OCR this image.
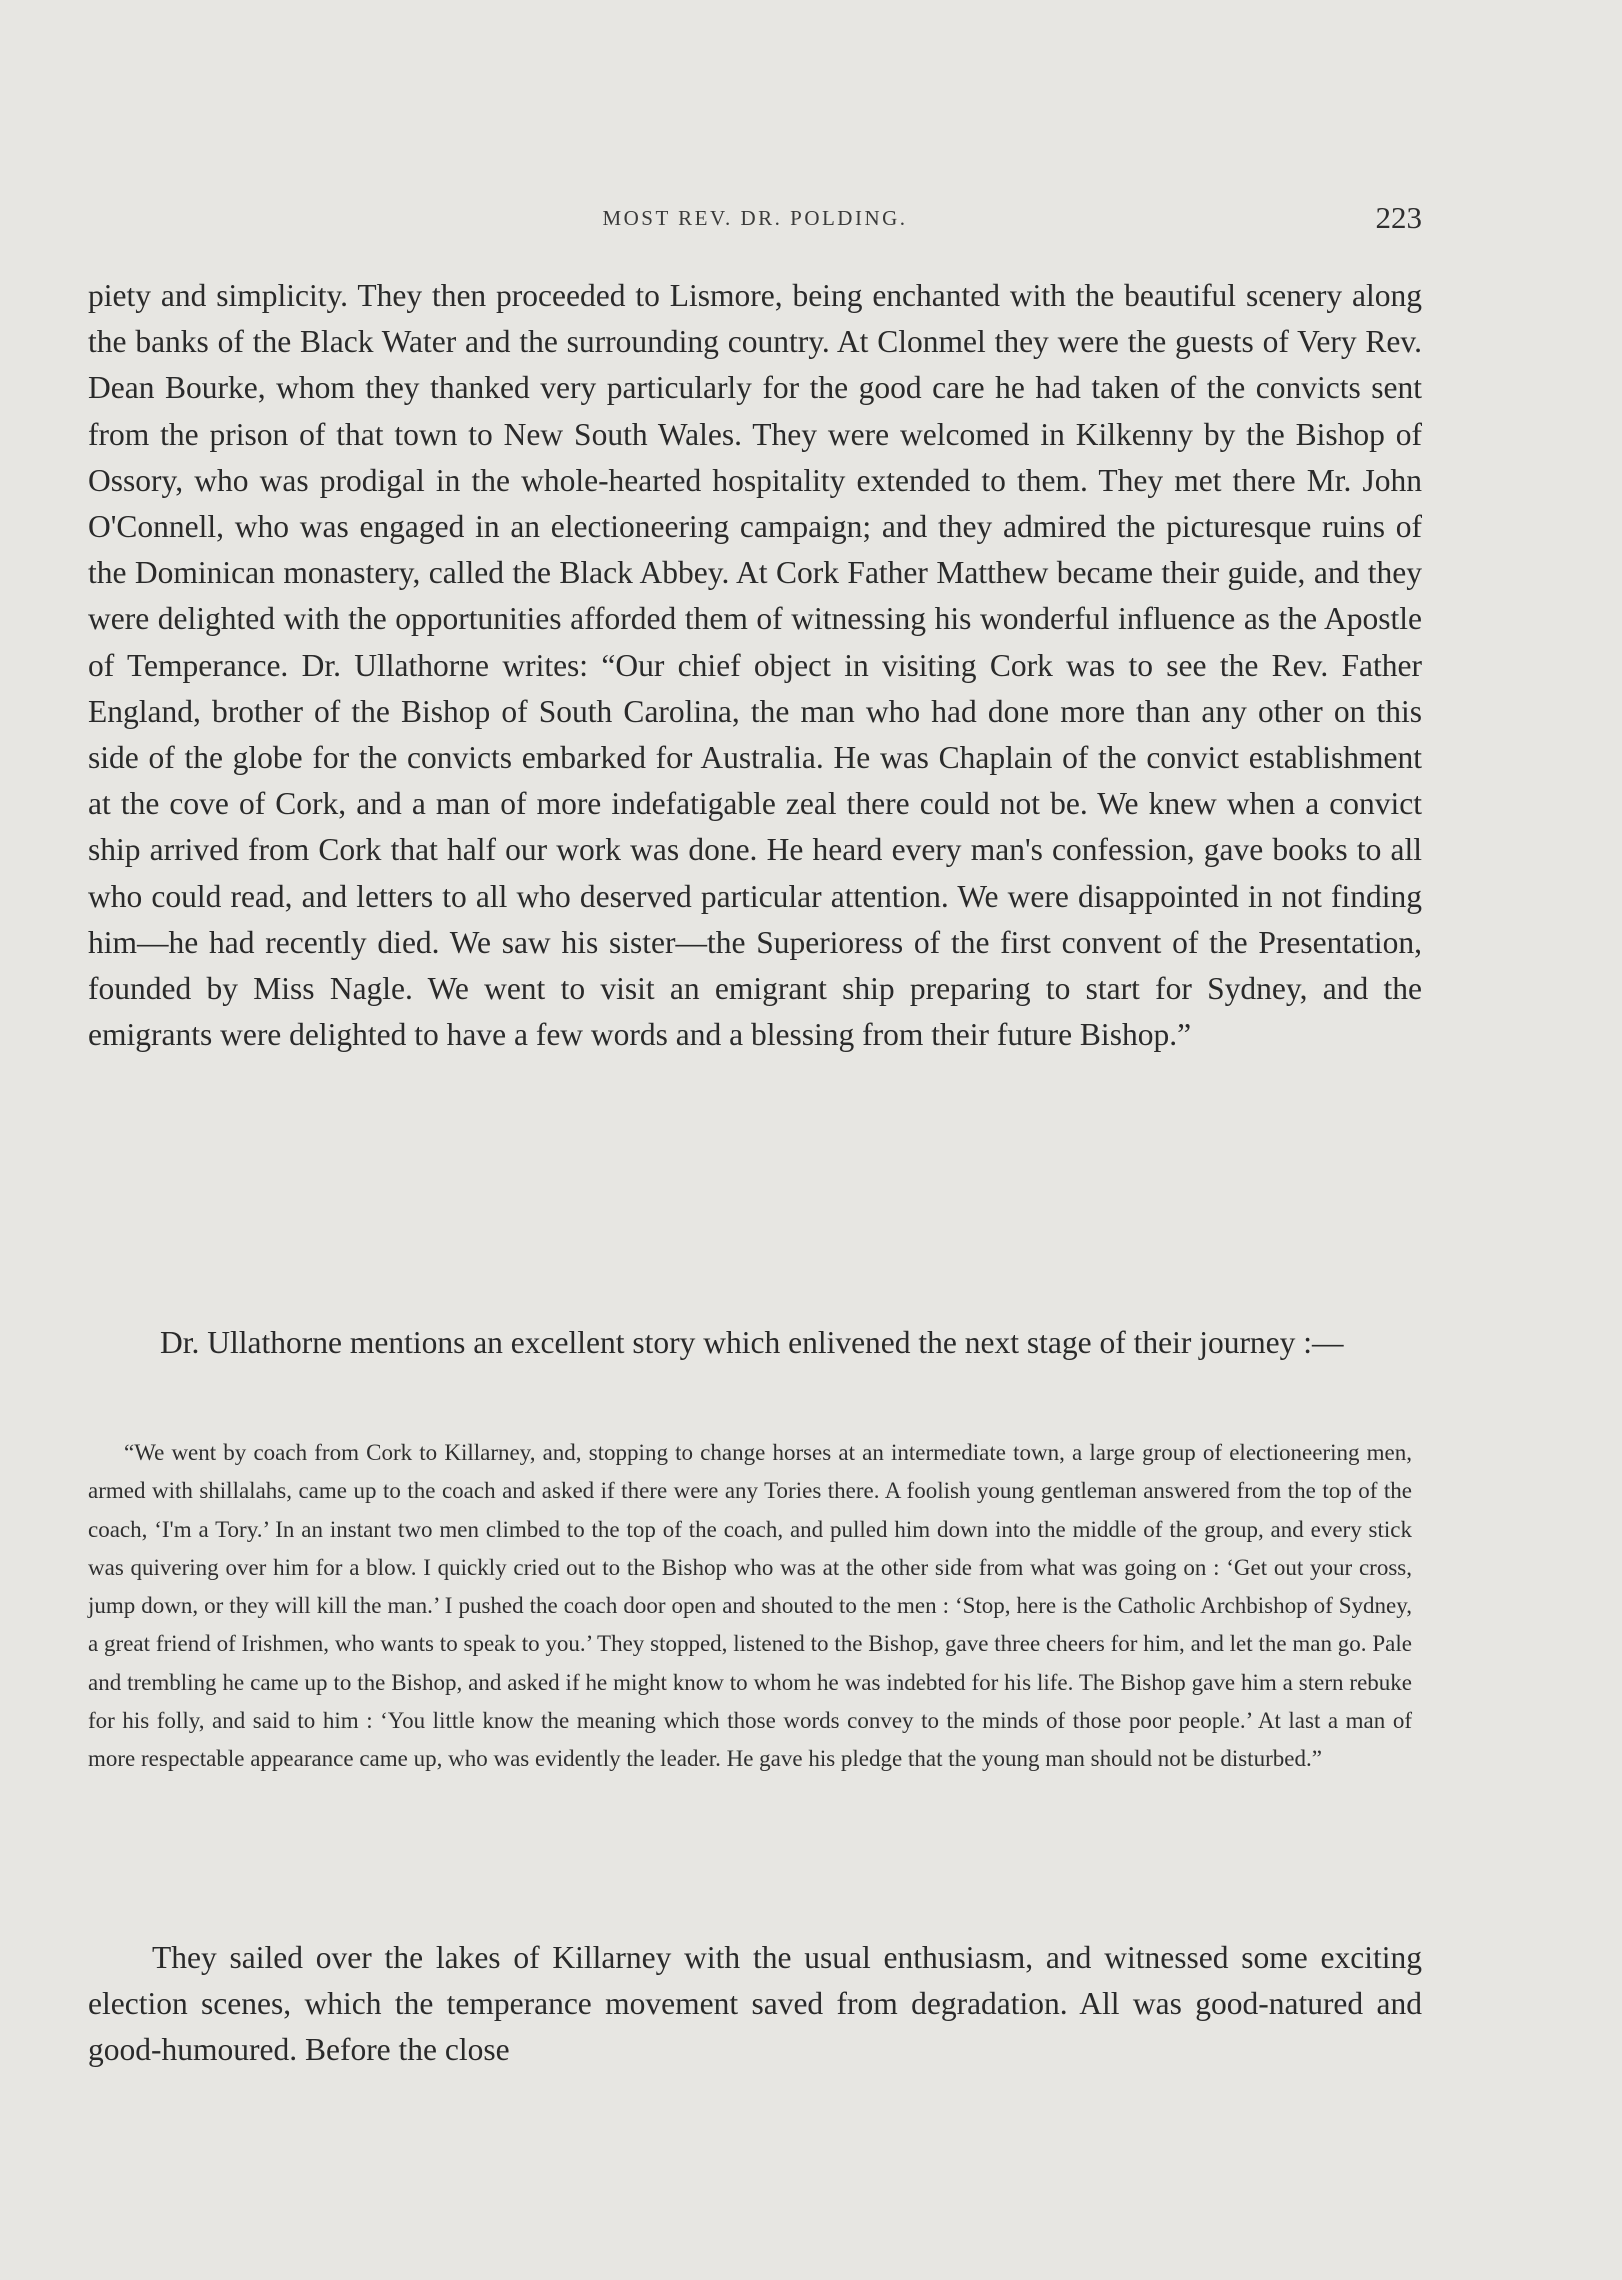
MOST REV. DR. POLDING.	223

piety and simplicity. They then proceeded to Lismore, being enchanted with the beautiful scenery along the banks of the Black Water and the surrounding country. At Clonmel they were the guests of Very Rev. Dean Bourke, whom they thanked very particularly for the good care he had taken of the convicts sent from the prison of that town to New South Wales. They were welcomed in Kilkenny by the Bishop of Ossory, who was prodigal in the whole-hearted hospitality extended to them. They met there Mr. John O'Connell, who was engaged in an electioneering campaign; and they admired the picturesque ruins of the Dominican monastery, called the Black Abbey. At Cork Father Matthew became their guide, and they were delighted with the opportunities afforded them of witnessing his wonderful influence as the Apostle of Temperance. Dr. Ullathorne writes: “Our chief object in visiting Cork was to see the Rev. Father England, brother of the Bishop of South Carolina, the man who had done more than any other on this side of the globe for the convicts embarked for Australia. He was Chaplain of the convict establishment at the cove of Cork, and a man of more indefatigable zeal there could not be. We knew when a convict ship arrived from Cork that half our work was done. He heard every man's confession, gave books to all who could read, and letters to all who deserved particular attention. We were disappointed in not finding him—he had recently died. We saw his sister—the Superioress of the first convent of the Presentation, founded by Miss Nagle. We went to visit an emigrant ship preparing to start for Sydney, and the emigrants were delighted to have a few words and a blessing from their future Bishop.”

Dr. Ullathorne mentions an excellent story which enlivened the next stage of their journey :—

“We went by coach from Cork to Killarney, and, stopping to change horses at an intermediate town, a large group of electioneering men, armed with shillalahs, came up to the coach and asked if there were any Tories there. A foolish young gentleman answered from the top of the coach, ‘I'm a Tory.’ In an instant two men climbed to the top of the coach, and pulled him down into the middle of the group, and every stick was quivering over him for a blow. I quickly cried out to the Bishop who was at the other side from what was going on : ‘Get out your cross, jump down, or they will kill the man.’ I pushed the coach door open and shouted to the men : ‘Stop, here is the Catholic Archbishop of Sydney, a great friend of Irishmen, who wants to speak to you.’ They stopped, listened to the Bishop, gave three cheers for him, and let the man go. Pale and trembling he came up to the Bishop, and asked if he might know to whom he was indebted for his life. The Bishop gave him a stern rebuke for his folly, and said to him : ‘You little know the meaning which those words convey to the minds of those poor people.’ At last a man of more respectable appearance came up, who was evidently the leader. He gave his pledge that the young man should not be disturbed.”

They sailed over the lakes of Killarney with the usual enthusiasm, and witnessed some exciting election scenes, which the temperance movement saved from degradation. All was good-natured and good-humoured. Before the close
